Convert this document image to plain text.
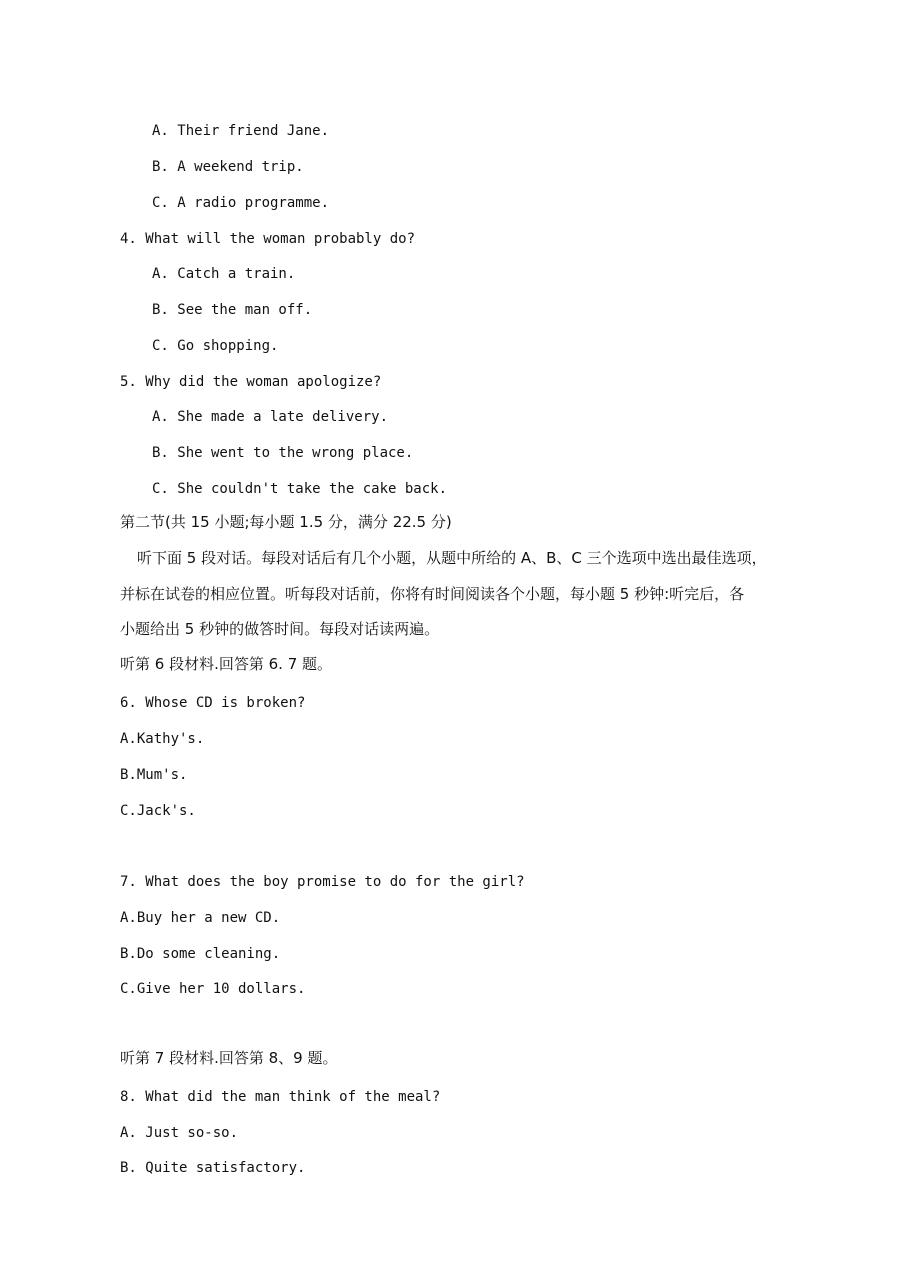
A. Their friend Jane.
B. A weekend trip.
C. A radio programme.
4. What will the woman probably do?
A. Catch a train.
B. See the man off.
C. Go shopping.
5. Why did the woman apologize?
A. She made a late delivery.
B. She went to the wrong place.
C. She couldn't take the cake back.
第二节(共 15 小题;每小题 1.5 分，满分 22.5 分)
听下面 5 段对话。每段对话后有几个小题，从题中所给的 A、B、C 三个选项中选出最佳选项，
并标在试卷的相应位置。听每段对话前，你将有时间阅读各个小题，每小题 5 秒钟:听完后，各
小题给出 5 秒钟的做答时间。每段对话读两遍。
听第 6 段材料.回答第 6. 7 题。
6. Whose CD is broken?
A.Kathy's.
B.Mum's.
C.Jack's.
7. What does the boy promise to do for the girl?
A.Buy her a new CD.
B.Do some cleaning.
C.Give her 10 dollars.
听第 7 段材料.回答第 8、9 题。
8. What did the man think of the meal?
A. Just so-so.
B. Quite satisfactory.
